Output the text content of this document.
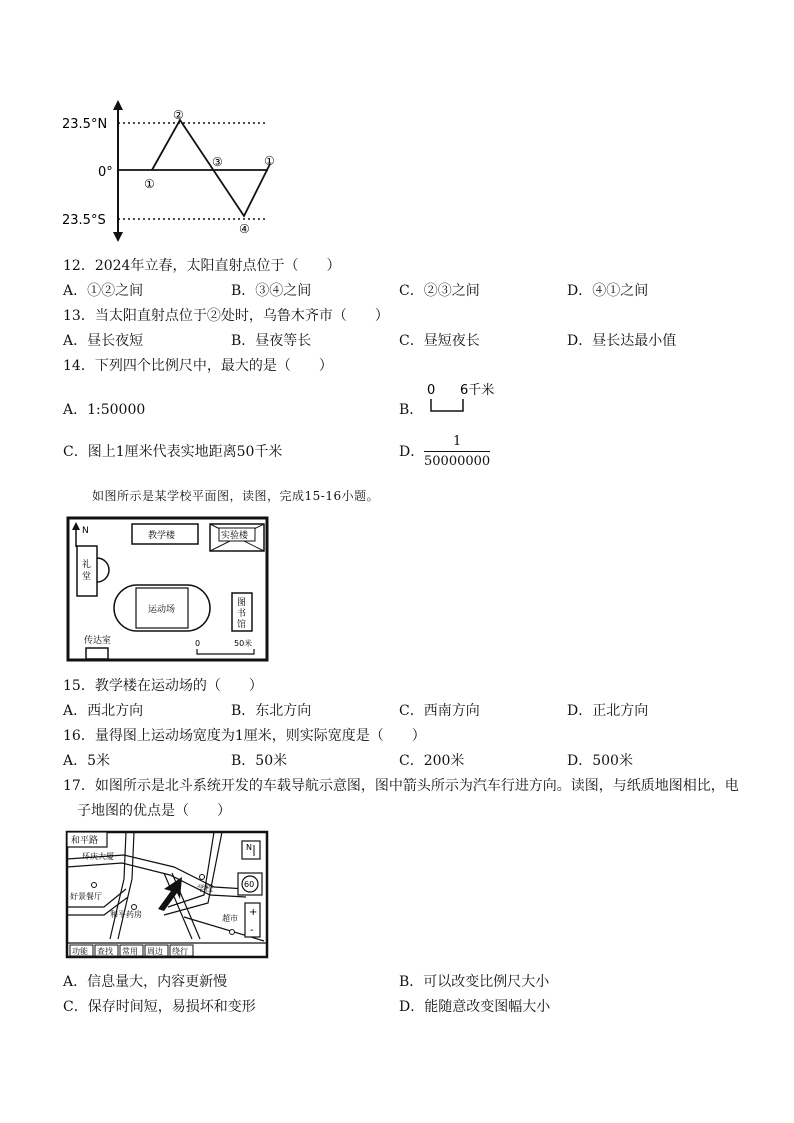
23.5°N
0°
23.5°S
①
②
③	①
④
12．2024年立春，太阳直射点位于（　　）
A．①②之间	B．③④之间	C．②③之间	D．④①之间
13．当太阳直射点位于②处时，乌鲁木齐市（　　）
A．昼长夜短	B．昼夜等长	C．昼短夜长	D．昼长达最小值
14．下列四个比例尺中，最大的是（　　）
A．1:50000	B．
0 6千米
C．图上1厘米代表实地距离50千米	D． $\frac{1}{50000000}$
如图所示是某学校平面图，读图，完成15-16小题。
N	教学楼	实验楼
礼
堂
运动场
图
书
馆
传达室	0	50米
15．教学楼在运动场的（　　）
A．西北方向	B．东北方向	C．西南方向	D．正北方向
16．量得图上运动场宽度为1厘米，则实际宽度是（　　）
A．5米	B．50米	C．200米	D．500米
17．如图所示是北斗系统开发的车载导航示意图，图中箭头所示为汽车行进方向。读图，与纸质地图相比，电
子地图的优点是（　　）
和平路
N
60
+
-
环庆大厦
好景餐厅
和平药房
学校
超市
功能 查找 常用 周边 绕行
A．信息量大，内容更新慢	B．可以改变比例尺大小
C．保存时间短，易损坏和变形	D．能随意改变图幅大小
